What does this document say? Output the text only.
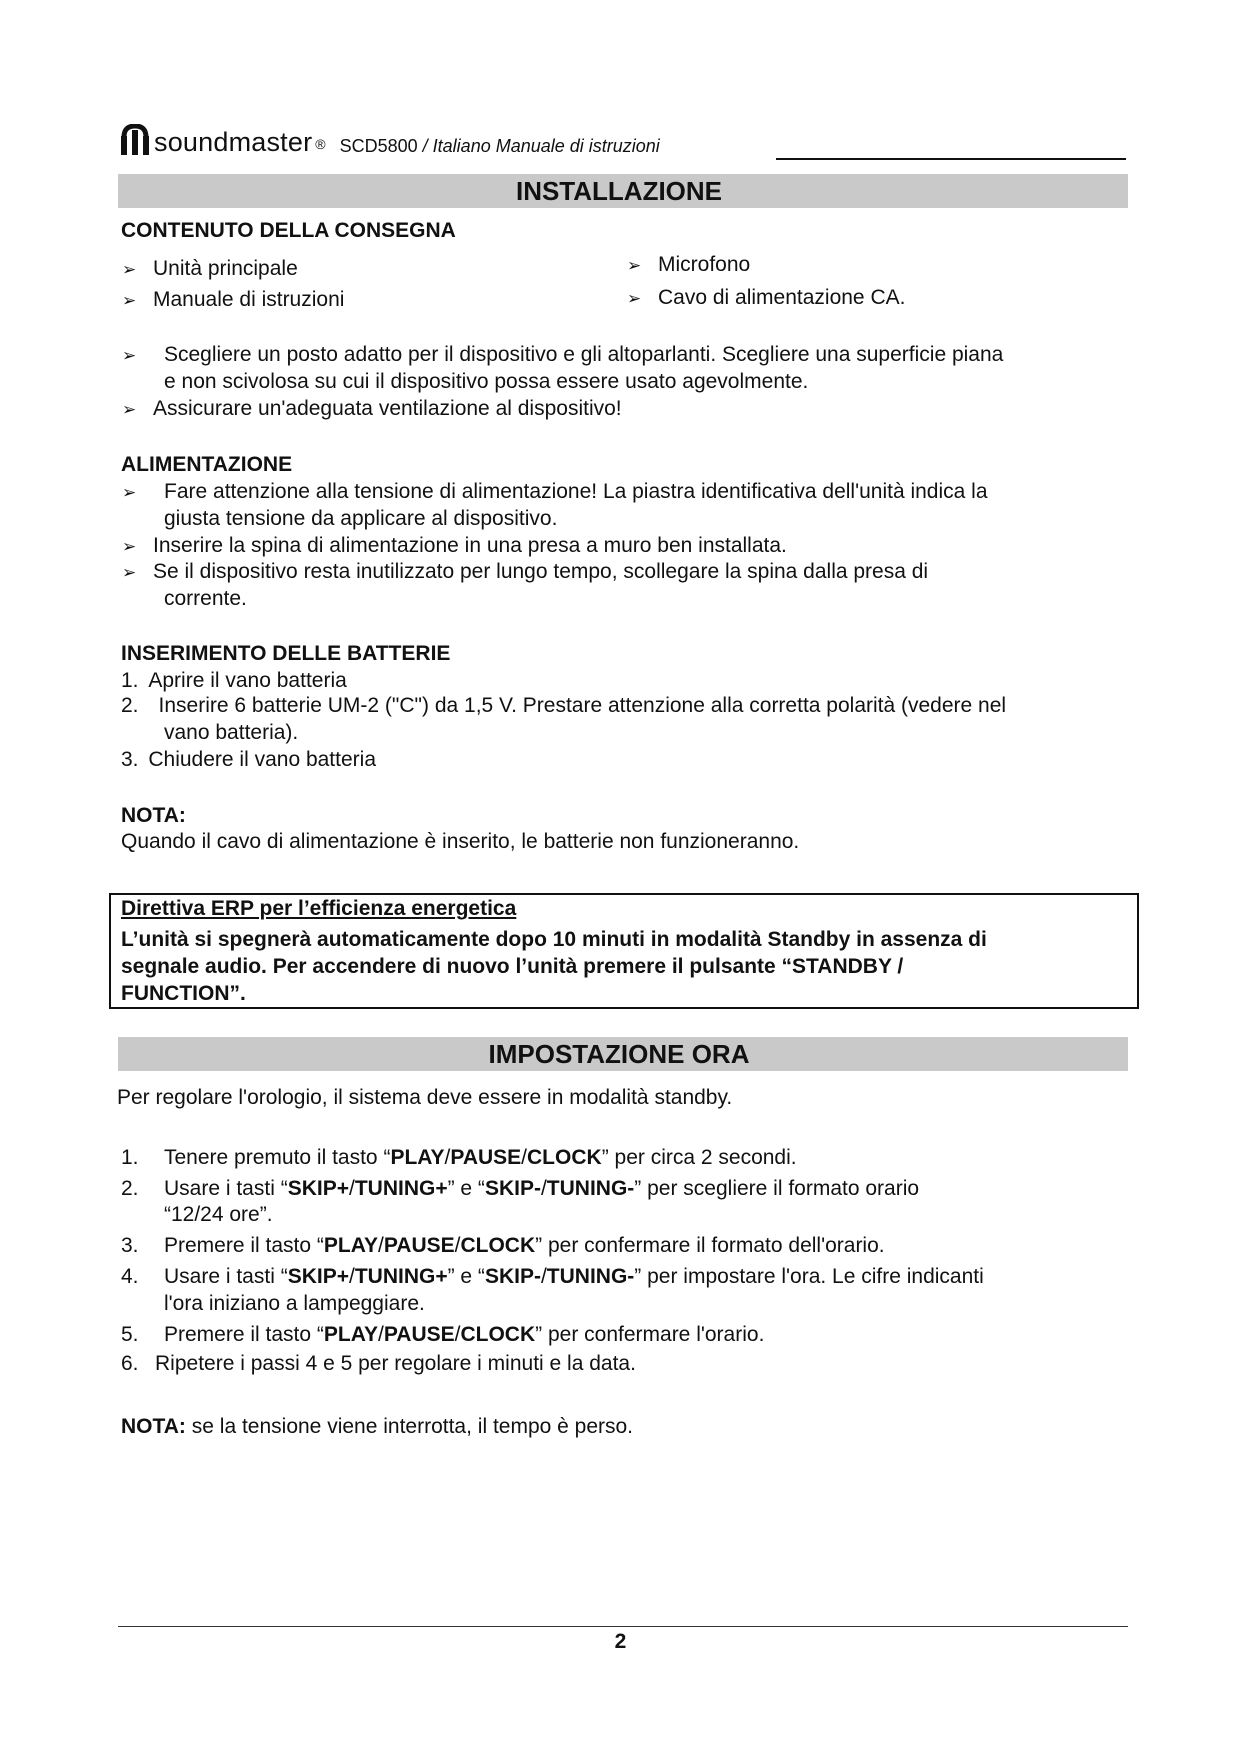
soundmaster ® SCD5800 / Italiano Manuale di istruzioni
INSTALLAZIONE
CONTENUTO DELLA CONSEGNA
➢ Unità principale
➢ Manuale di istruzioni
➢ Microfono
➢ Cavo di alimentazione CA.
➢ Scegliere un posto adatto per il dispositivo e gli altoparlanti. Scegliere una superficie piana
e non scivolosa su cui il dispositivo possa essere usato agevolmente.
➢ Assicurare un'adeguata ventilazione al dispositivo!
ALIMENTAZIONE
➢ Fare attenzione alla tensione di alimentazione! La piastra identificativa dell'unità indica la
giusta tensione da applicare al dispositivo.
➢ Inserire la spina di alimentazione in una presa a muro ben installata.
➢ Se il dispositivo resta inutilizzato per lungo tempo, scollegare la spina dalla presa di
corrente.
INSERIMENTO DELLE BATTERIE
1. Aprire il vano batteria
2. Inserire 6 batterie UM-2 ("C") da 1,5 V. Prestare attenzione alla corretta polarità (vedere nel
vano batteria).
3. Chiudere il vano batteria
NOTA:
Quando il cavo di alimentazione è inserito, le batterie non funzioneranno.
Direttiva ERP per l’efficienza energetica
L’unità si spegnerà automaticamente dopo 10 minuti in modalità Standby in assenza di
segnale audio. Per accendere di nuovo l’unità premere il pulsante “STANDBY /
FUNCTION”.
IMPOSTAZIONE ORA
Per regolare l'orologio, il sistema deve essere in modalità standby.
1. Tenere premuto il tasto “PLAY/PAUSE/CLOCK” per circa 2 secondi.
2. Usare i tasti “SKIP+/TUNING+” e “SKIP-/TUNING-” per scegliere il formato orario
“12/24 ore”.
3. Premere il tasto “PLAY/PAUSE/CLOCK” per confermare il formato dell'orario.
4. Usare i tasti “SKIP+/TUNING+” e “SKIP-/TUNING-” per impostare l'ora. Le cifre indicanti
l'ora iniziano a lampeggiare.
5. Premere il tasto “PLAY/PAUSE/CLOCK” per confermare l'orario.
6. Ripetere i passi 4 e 5 per regolare i minuti e la data.
NOTA: se la tensione viene interrotta, il tempo è perso.
2
